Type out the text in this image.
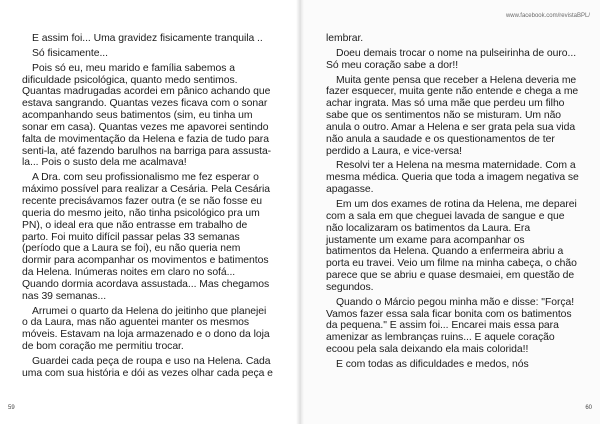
E assim foi... Uma gravidez fisicamente tranquila ..

Só fisicamente...

Pois só eu, meu marido e família sabemos a
dificuldade psicológica, quanto medo sentimos.
Quantas madrugadas acordei em pânico achando que
estava sangrando. Quantas vezes ficava com o sonar
acompanhando seus batimentos (sim, eu tinha um
sonar em casa). Quantas vezes me apavorei sentindo
falta de movimentação da Helena e fazia de tudo para
senti-la, até fazendo barulhos na barriga para assusta-
la... Pois o susto dela me acalmava!

A Dra. com seu profissionalismo me fez esperar o
máximo possível para realizar a Cesária. Pela Cesária
recente precisávamos fazer outra (e se não fosse eu
queria do mesmo jeito, não tinha psicológico pra um
PN), o ideal era que não entrasse em trabalho de
parto. Foi muito difícil passar pelas 33 semanas
(período que a Laura se foi), eu não queria nem
dormir para acompanhar os movimentos e batimentos
da Helena. Inúmeras noites em claro no sofá...
Quando dormia acordava assustada... Mas chegamos
nas 39 semanas...

Arrumei o quarto da Helena do jeitinho que planejei
o da Laura, mas não aguentei manter os mesmos
móveis. Estavam na loja armazenado e o dono da loja
de bom coração me permitiu trocar.

Guardei cada peça de roupa e uso na Helena. Cada
uma com sua história e dói as vezes olhar cada peça e

59
www.facebook.com/revistaBPL/

lembrar.

Doeu demais trocar o nome na pulseirinha de ouro...
Só meu coração sabe a dor!!

Muita gente pensa que receber a Helena deveria me
fazer esquecer, muita gente não entende e chega a me
achar ingrata. Mas só uma mãe que perdeu um filho
sabe que os sentimentos não se misturam. Um não
anula o outro. Amar a Helena e ser grata pela sua vida
não anula a saudade e os questionamentos de ter
perdido a Laura, e vice-versa!

Resolvi ter a Helena na mesma maternidade. Com a
mesma médica. Queria que toda a imagem negativa se
apagasse.

Em um dos exames de rotina da Helena, me deparei
com a sala em que cheguei lavada de sangue e que
não localizaram os batimentos da Laura. Era
justamente um exame para acompanhar os
batimentos da Helena. Quando a enfermeira abriu a
porta eu travei. Veio um filme na minha cabeça, o chão
parece que se abriu e quase desmaiei, em questão de
segundos.

Quando o Márcio pegou minha mão e disse: "Força!
Vamos fazer essa sala ficar bonita com os batimentos
da pequena." E assim foi... Encarei mais essa para
amenizar as lembranças ruins... E aquele coração
ecoou pela sala deixando ela mais colorida!!

E com todas as dificuldades e medos, nós

60
